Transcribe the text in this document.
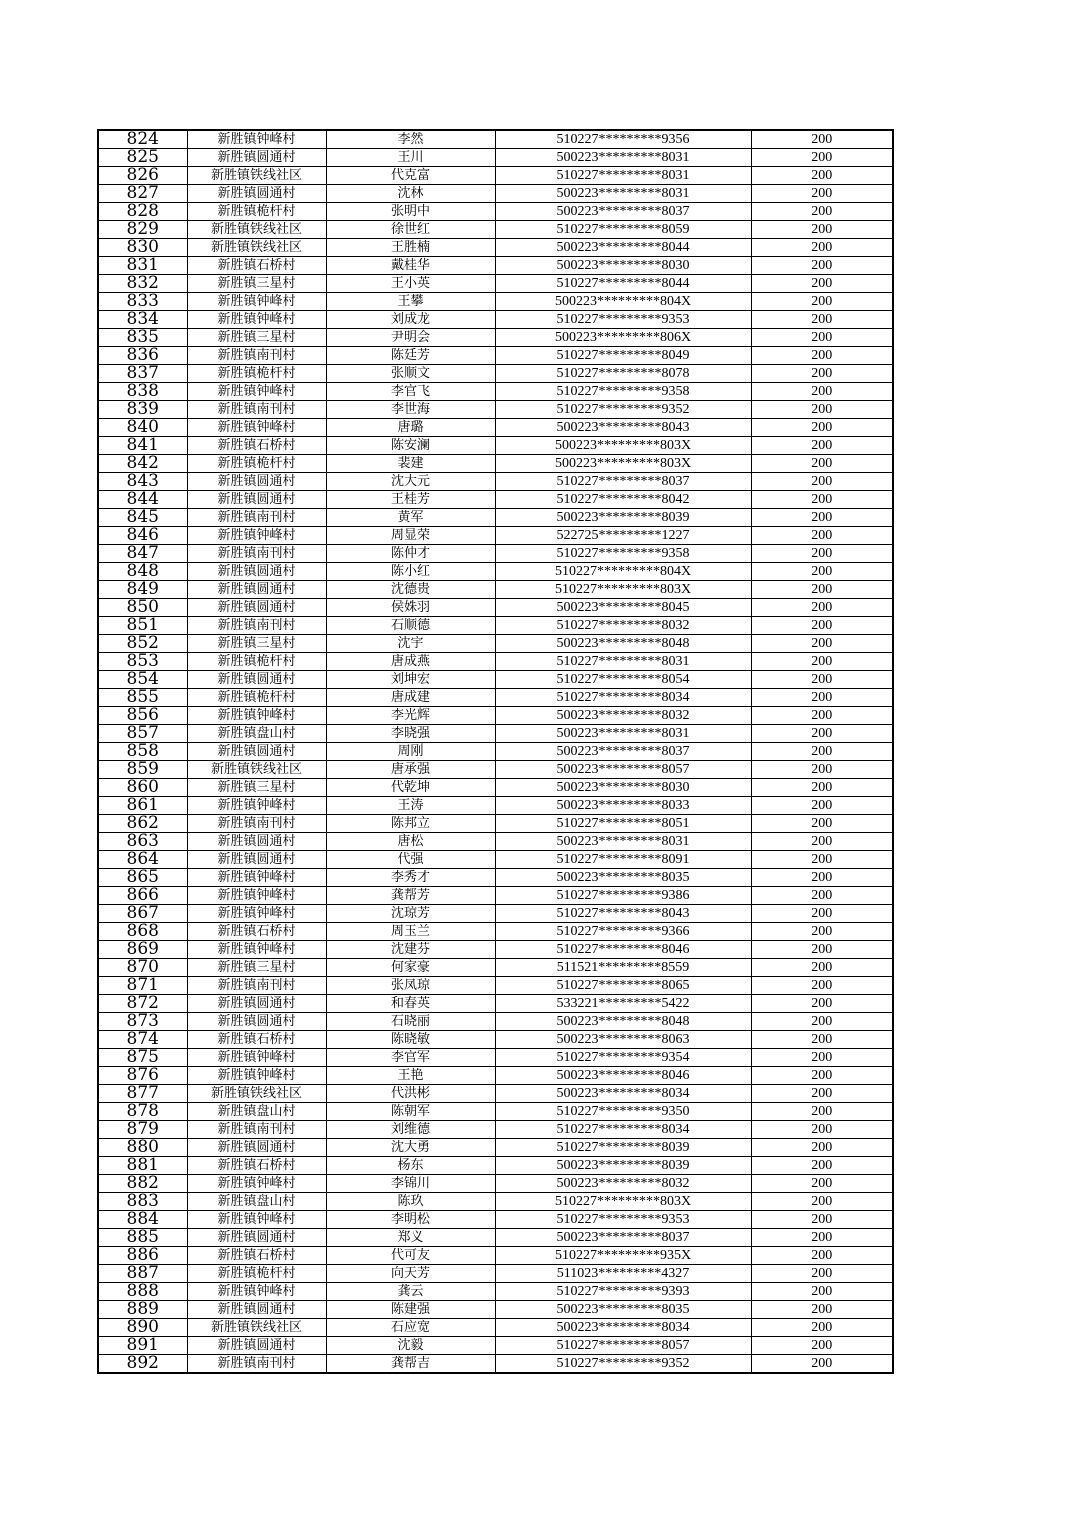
824	新胜镇钟峰村	李然	510227*********9356	200
825	新胜镇圆通村	王川	500223*********8031	200
826	新胜镇铁线社区	代克富	510227*********8031	200
827	新胜镇圆通村	沈林	500223*********8031	200
828	新胜镇桅杆村	张明中	500223*********8037	200
829	新胜镇铁线社区	徐世红	510227*********8059	200
830	新胜镇铁线社区	王胜楠	500223*********8044	200
831	新胜镇石桥村	戴桂华	500223*********8030	200
832	新胜镇三星村	王小英	510227*********8044	200
833	新胜镇钟峰村	王攀	500223*********804X	200
834	新胜镇钟峰村	刘成龙	510227*********9353	200
835	新胜镇三星村	尹明会	500223*********806X	200
836	新胜镇南刊村	陈廷芳	510227*********8049	200
837	新胜镇桅杆村	张顺文	510227*********8078	200
838	新胜镇钟峰村	李官飞	510227*********9358	200
839	新胜镇南刊村	李世海	510227*********9352	200
840	新胜镇钟峰村	唐璐	500223*********8043	200
841	新胜镇石桥村	陈安澜	500223*********803X	200
842	新胜镇桅杆村	裴建	500223*********803X	200
843	新胜镇圆通村	沈大元	510227*********8037	200
844	新胜镇圆通村	王桂芳	510227*********8042	200
845	新胜镇南刊村	黄军	500223*********8039	200
846	新胜镇钟峰村	周显荣	522725*********1227	200
847	新胜镇南刊村	陈仲才	510227*********9358	200
848	新胜镇圆通村	陈小红	510227*********804X	200
849	新胜镇圆通村	沈德贵	510227*********803X	200
850	新胜镇圆通村	侯姝羽	500223*********8045	200
851	新胜镇南刊村	石顺德	510227*********8032	200
852	新胜镇三星村	沈宇	500223*********8048	200
853	新胜镇桅杆村	唐成燕	510227*********8031	200
854	新胜镇圆通村	刘坤宏	510227*********8054	200
855	新胜镇桅杆村	唐成建	510227*********8034	200
856	新胜镇钟峰村	李光辉	500223*********8032	200
857	新胜镇盘山村	李晓强	500223*********8031	200
858	新胜镇圆通村	周刚	500223*********8037	200
859	新胜镇铁线社区	唐承强	500223*********8057	200
860	新胜镇三星村	代乾坤	500223*********8030	200
861	新胜镇钟峰村	王涛	500223*********8033	200
862	新胜镇南刊村	陈邦立	510227*********8051	200
863	新胜镇圆通村	唐松	500223*********8031	200
864	新胜镇圆通村	代强	510227*********8091	200
865	新胜镇钟峰村	李秀才	500223*********8035	200
866	新胜镇钟峰村	龚帮芳	510227*********9386	200
867	新胜镇钟峰村	沈琼芳	510227*********8043	200
868	新胜镇石桥村	周玉兰	510227*********9366	200
869	新胜镇钟峰村	沈建芬	510227*********8046	200
870	新胜镇三星村	何家豪	511521*********8559	200
871	新胜镇南刊村	张凤琼	510227*********8065	200
872	新胜镇圆通村	和春英	533221*********5422	200
873	新胜镇圆通村	石晓丽	500223*********8048	200
874	新胜镇石桥村	陈晓敏	500223*********8063	200
875	新胜镇钟峰村	李官军	510227*********9354	200
876	新胜镇钟峰村	王艳	500223*********8046	200
877	新胜镇铁线社区	代洪彬	500223*********8034	200
878	新胜镇盘山村	陈朝军	510227*********9350	200
879	新胜镇南刊村	刘维德	510227*********8034	200
880	新胜镇圆通村	沈大勇	510227*********8039	200
881	新胜镇石桥村	杨东	500223*********8039	200
882	新胜镇钟峰村	李锦川	500223*********8032	200
883	新胜镇盘山村	陈玖	510227*********803X	200
884	新胜镇钟峰村	李明松	510227*********9353	200
885	新胜镇圆通村	郑义	500223*********8037	200
886	新胜镇石桥村	代可友	510227*********935X	200
887	新胜镇桅杆村	向天芳	511023*********4327	200
888	新胜镇钟峰村	龚云	510227*********9393	200
889	新胜镇圆通村	陈建强	500223*********8035	200
890	新胜镇铁线社区	石应宽	500223*********8034	200
891	新胜镇圆通村	沈毅	510227*********8057	200
892	新胜镇南刊村	龚帮吉	510227*********9352	200
